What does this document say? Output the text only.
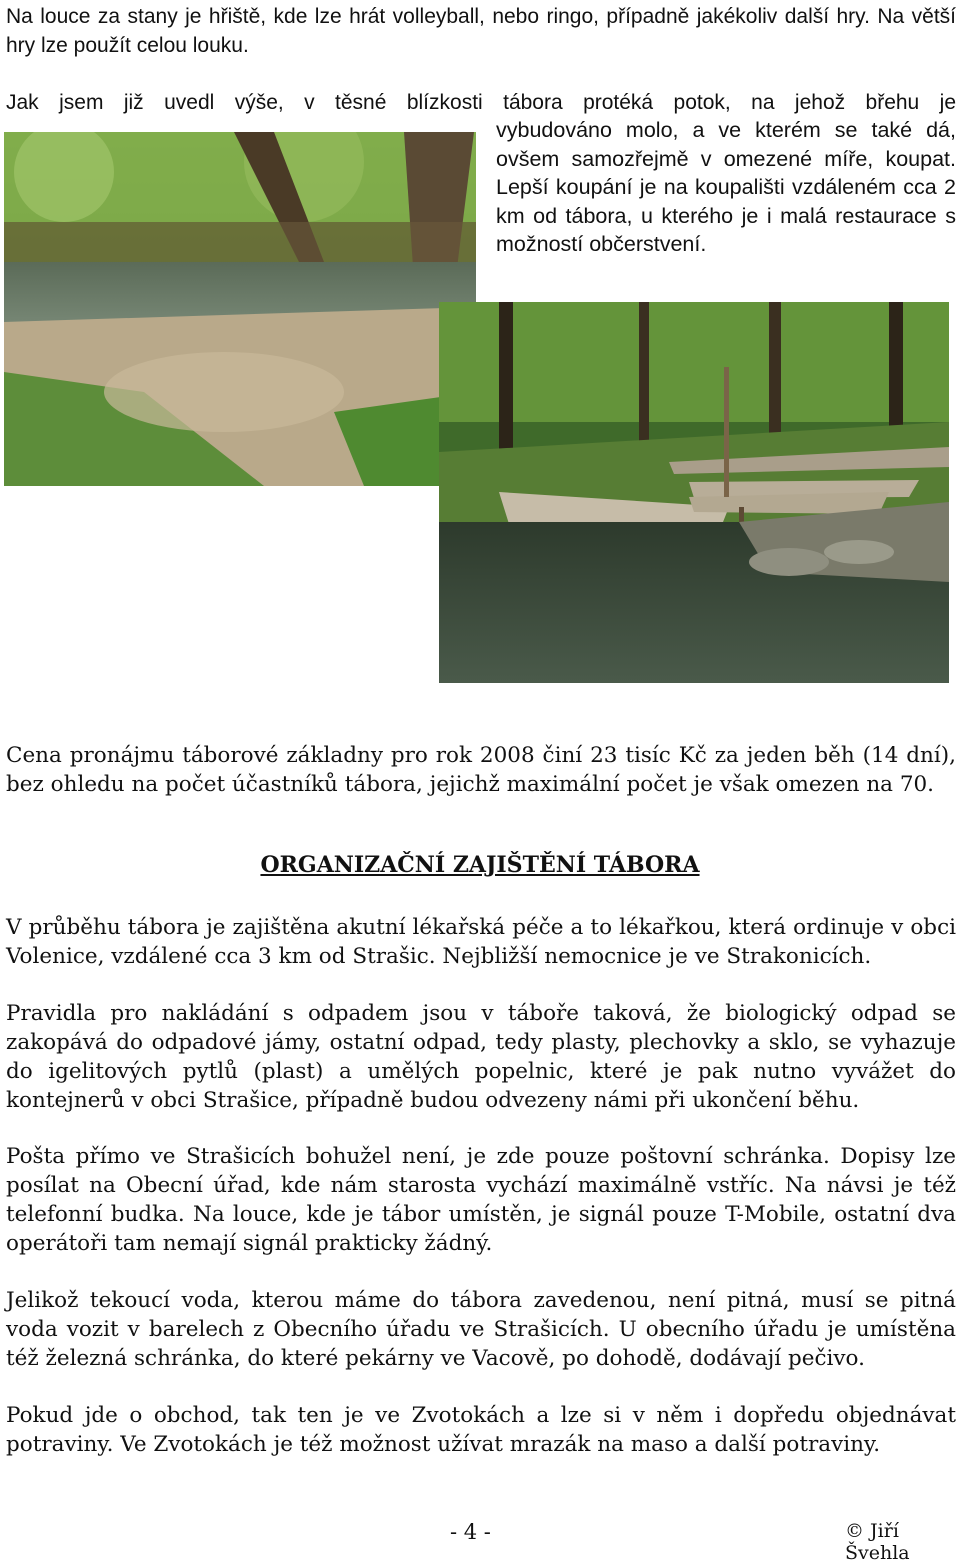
Na louce za stany je hřiště, kde lze hrát volleyball, nebo ringo, případně jakékoliv další hry. Na větší hry lze použít celou louku.

Jak jsem již uvedl výše, v těsné blízkosti tábora protéká potok, na jehož břehu je

vybudováno molo, a ve kterém se také dá, ovšem samozřejmě v omezené míře, koupat. Lepší koupání je na koupališti vzdáleném cca 2 km od tábora, u kterého je i malá restaurace s možností občerstvení.

Cena pronájmu táborové základny pro rok 2008 činí 23 tisíc Kč za jeden běh (14 dní), bez ohledu na počet účastníků tábora, jejichž maximální počet je však omezen na 70.

ORGANIZAČNÍ ZAJIŠTĚNÍ TÁBORA

V průběhu tábora je zajištěna akutní lékařská péče a to lékařkou, která ordinuje v obci Volenice, vzdálené cca 3 km od Strašic. Nejbližší nemocnice je ve Strakonicích.

Pravidla pro nakládání s odpadem jsou v táboře taková, že biologický odpad se zakopává do odpadové jámy, ostatní odpad, tedy plasty, plechovky a sklo, se vyhazuje do igelitových pytlů (plast) a umělých popelnic, které je pak nutno vyvážet do kontejnerů v obci Strašice, případně budou odvezeny námi při ukončení běhu.

Pošta přímo ve Strašicích bohužel není, je zde pouze poštovní schránka. Dopisy lze posílat na Obecní úřad, kde nám starosta vychází maximálně vstříc. Na návsi je též telefonní budka. Na louce, kde je tábor umístěn, je signál pouze T-Mobile, ostatní dva operátoři tam nemají signál prakticky žádný.

Jelikož tekoucí voda, kterou máme do tábora zavedenou, není pitná, musí se pitná voda vozit v barelech z Obecního úřadu ve Strašicích. U obecního úřadu je umístěna též železná schránka, do které pekárny ve Vacově, po dohodě, dodávají pečivo.

Pokud jde o obchod, tak ten je ve Zvotokách a lze si v něm i dopředu objednávat potraviny. Ve Zvotokách je též možnost užívat mrazák na maso a další potraviny.

- 4 -	© Jiří Švehla
